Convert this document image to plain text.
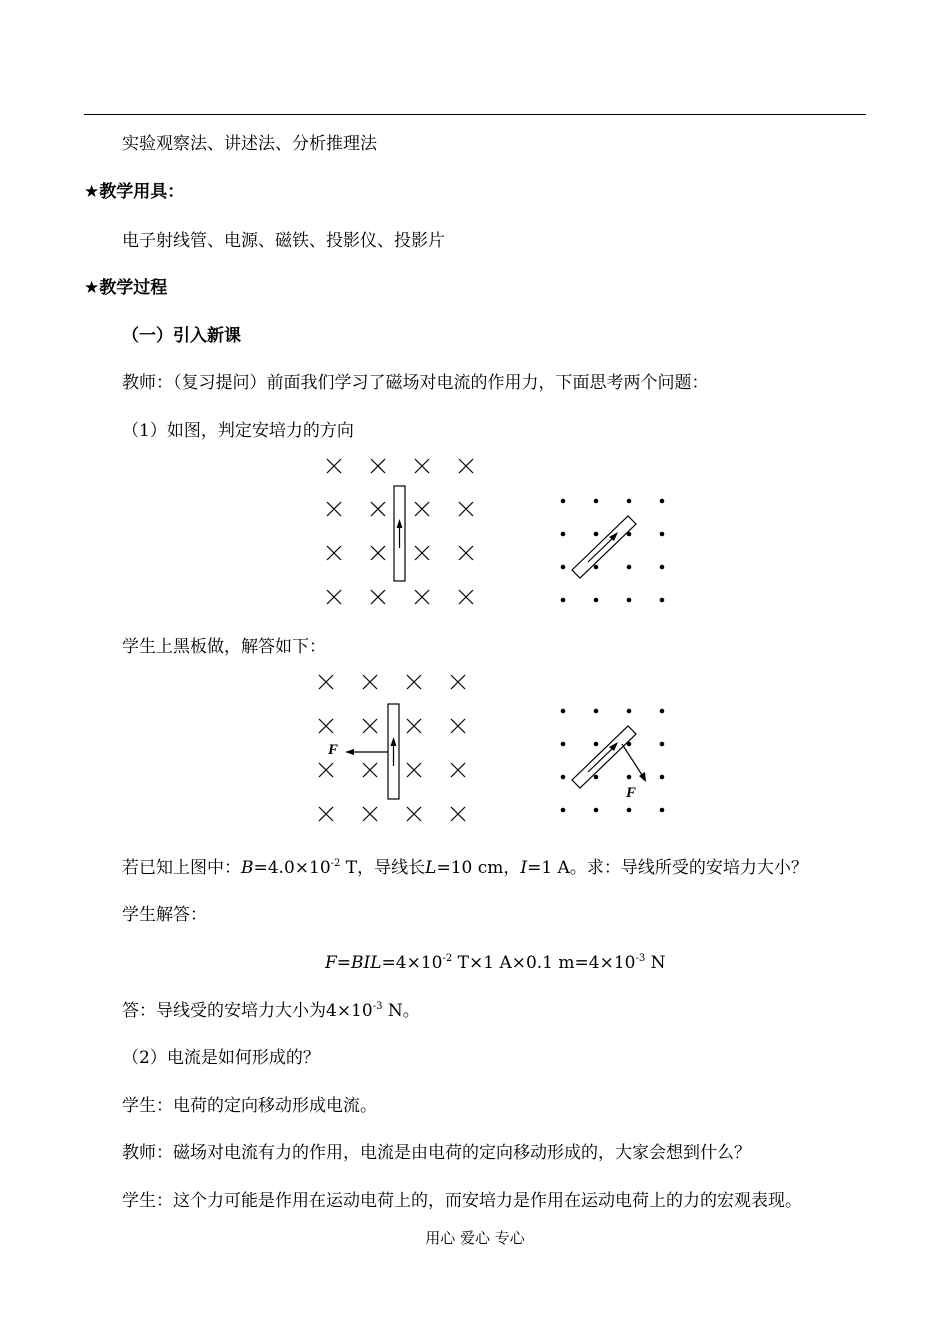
实验观察法、讲述法、分析推理法
★教学用具：
电子射线管、电源、磁铁、投影仪、投影片
★教学过程
（一）引入新课
教师：（复习提问）前面我们学习了磁场对电流的作用力，下面思考两个问题：
（1）如图，判定安培力的方向
学生上黑板做，解答如下：
F
F
若已知上图中：$B=4.0\times 10^{-2}$ T，导线长L=10 cm，I=1 A。求：导线所受的安培力大小？
学生解答：
$F=BIL=4\times 10^{-2}$ T×1 A×0.1 $m=4\times 10^{-3}$ N
答：导线受的安培力大小为$4\times 10^{-3}$ N。
（2）电流是如何形成的？
学生：电荷的定向移动形成电流。
教师：磁场对电流有力的作用，电流是由电荷的定向移动形成的，大家会想到什么？
学生：这个力可能是作用在运动电荷上的，而安培力是作用在运动电荷上的力的宏观表现。
用心 爱心 专心
